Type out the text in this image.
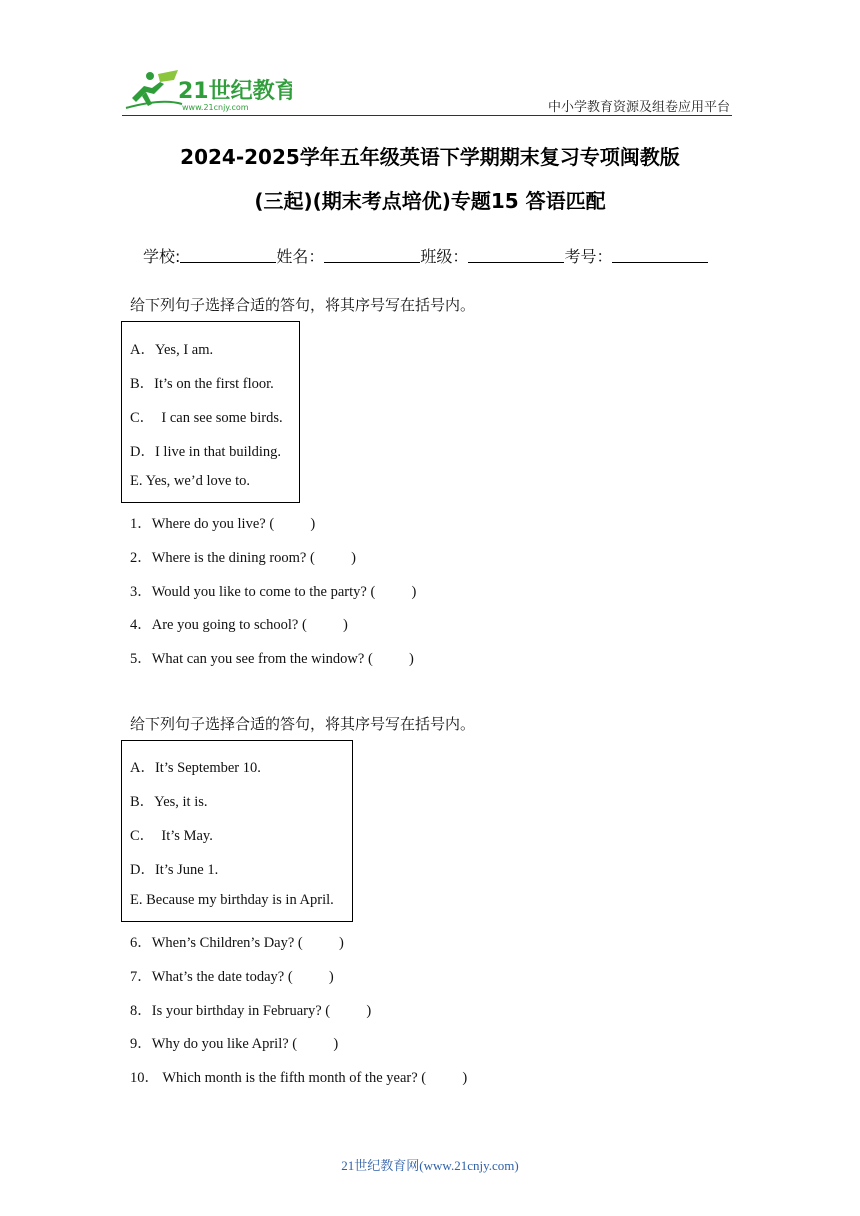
21世纪教育
www.21cnjy.com	中小学教育资源及组卷应用平台
2024-2025学年五年级英语下学期期末复习专项闽教版
(三起)(期末考点培优)专题15 答语匹配
学校:	姓名：	班级：	考号：
给下列句子选择合适的答句，将其序号写在括号内。
A．Yes, I am.
B．It’s on the first floor.
C．  I can see some birds.
D．I live in that building.
E. Yes, we’d love to.
1．Where do you live? (          )
2．Where is the dining room? (          )
3．Would you like to come to the party? (          )
4．Are you going to school? (          )
5．What can you see from the window? (          )
给下列句子选择合适的答句，将其序号写在括号内。
A．It’s September 10.
B．Yes, it is.
C．  It’s May.
D．It’s June 1.
E. Because my birthday is in April.
6．When’s Children’s Day? (          )
7．What’s the date today? (          )
8．Is your birthday in February? (          )
9．Why do you like April? (          )
10． Which month is the fifth month of the year? (          )
21世纪教育网(www.21cnjy.com)
